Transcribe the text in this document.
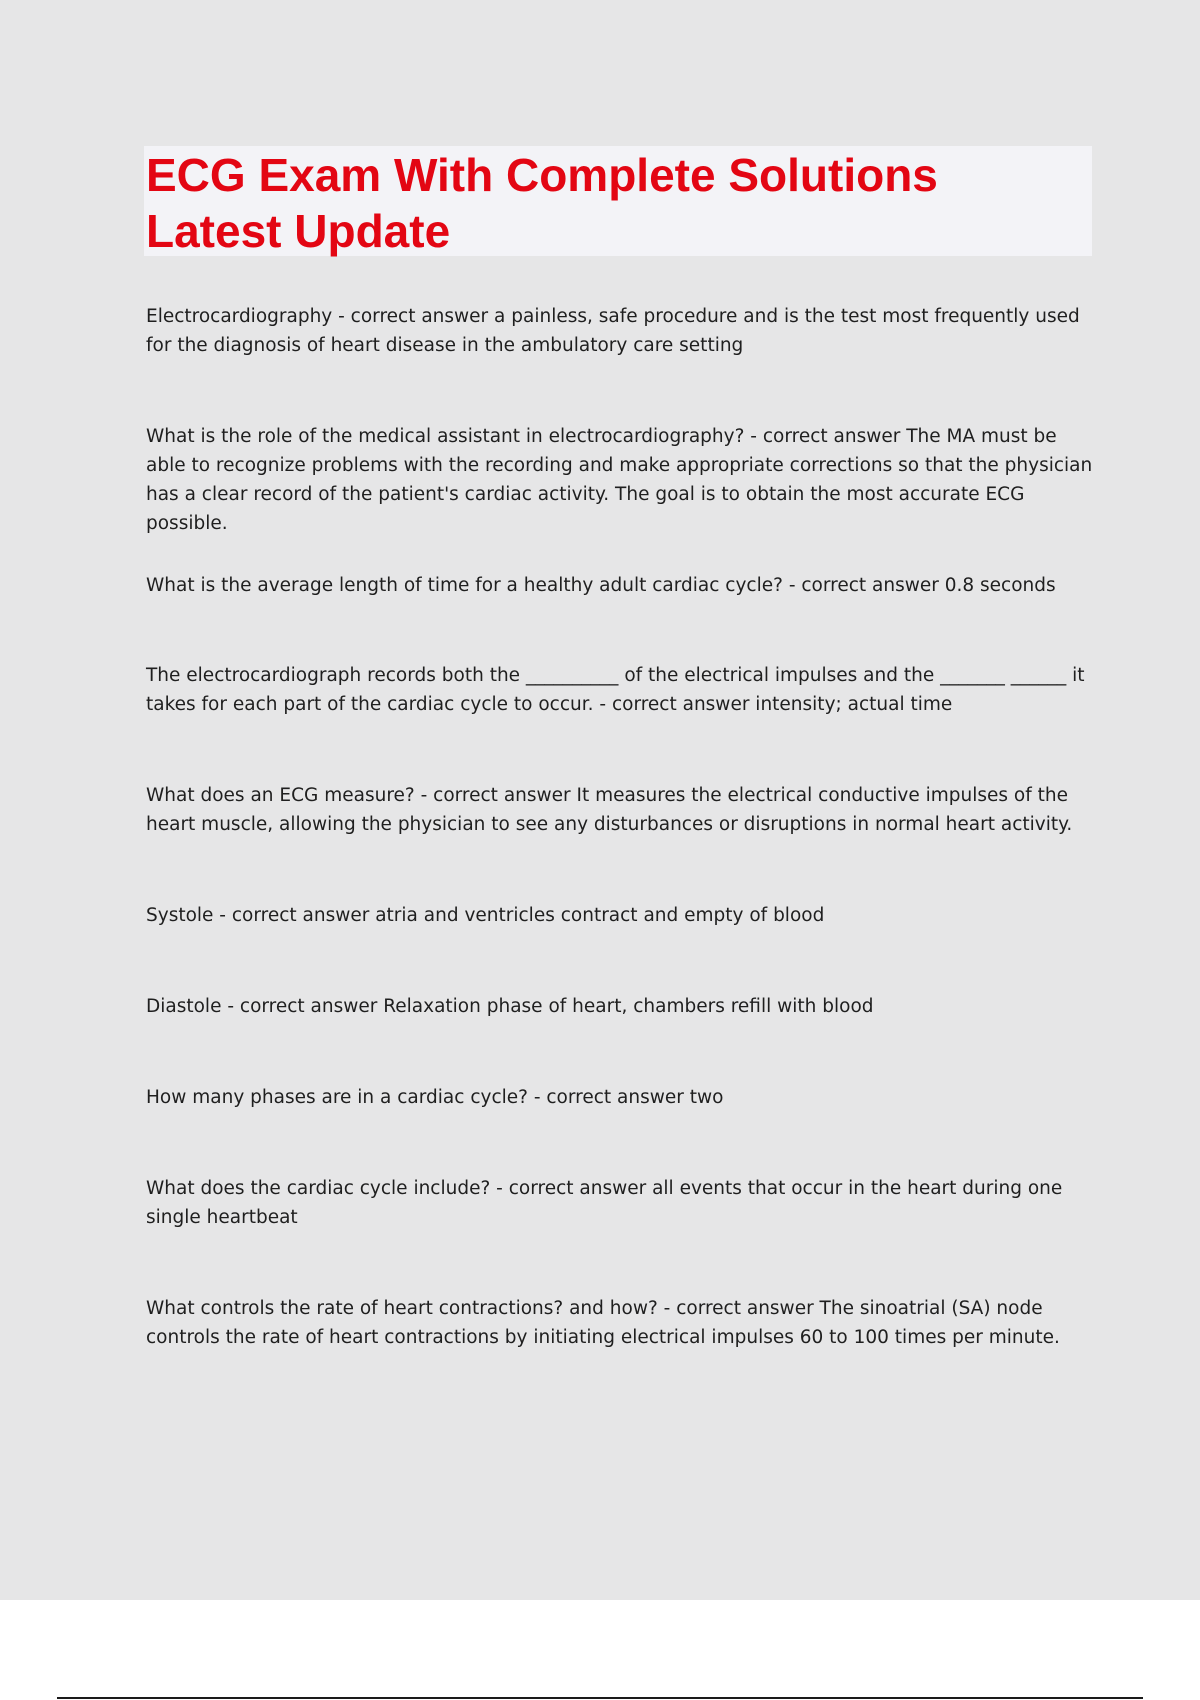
ECG Exam With Complete Solutions
Latest Update

Electrocardiography - correct answer a painless, safe procedure and is the test most frequently used for the diagnosis of heart disease in the ambulatory care setting

What is the role of the medical assistant in electrocardiography? - correct answer The MA must be able to recognize problems with the recording and make appropriate corrections so that the physician has a clear record of the patient's cardiac activity. The goal is to obtain the most accurate ECG possible.

What is the average length of time for a healthy adult cardiac cycle? - correct answer 0.8 seconds

The electrocardiograph records both the __________ of the electrical impulses and the _______ ______ it takes for each part of the cardiac cycle to occur. - correct answer intensity; actual time

What does an ECG measure? - correct answer It measures the electrical conductive impulses of the heart muscle, allowing the physician to see any disturbances or disruptions in normal heart activity.

Systole - correct answer atria and ventricles contract and empty of blood

Diastole - correct answer Relaxation phase of heart, chambers refill with blood

How many phases are in a cardiac cycle? - correct answer two

What does the cardiac cycle include? - correct answer all events that occur in the heart during one single heartbeat

What controls the rate of heart contractions? and how? - correct answer The sinoatrial (SA) node controls the rate of heart contractions by initiating electrical impulses 60 to 100 times per minute.
